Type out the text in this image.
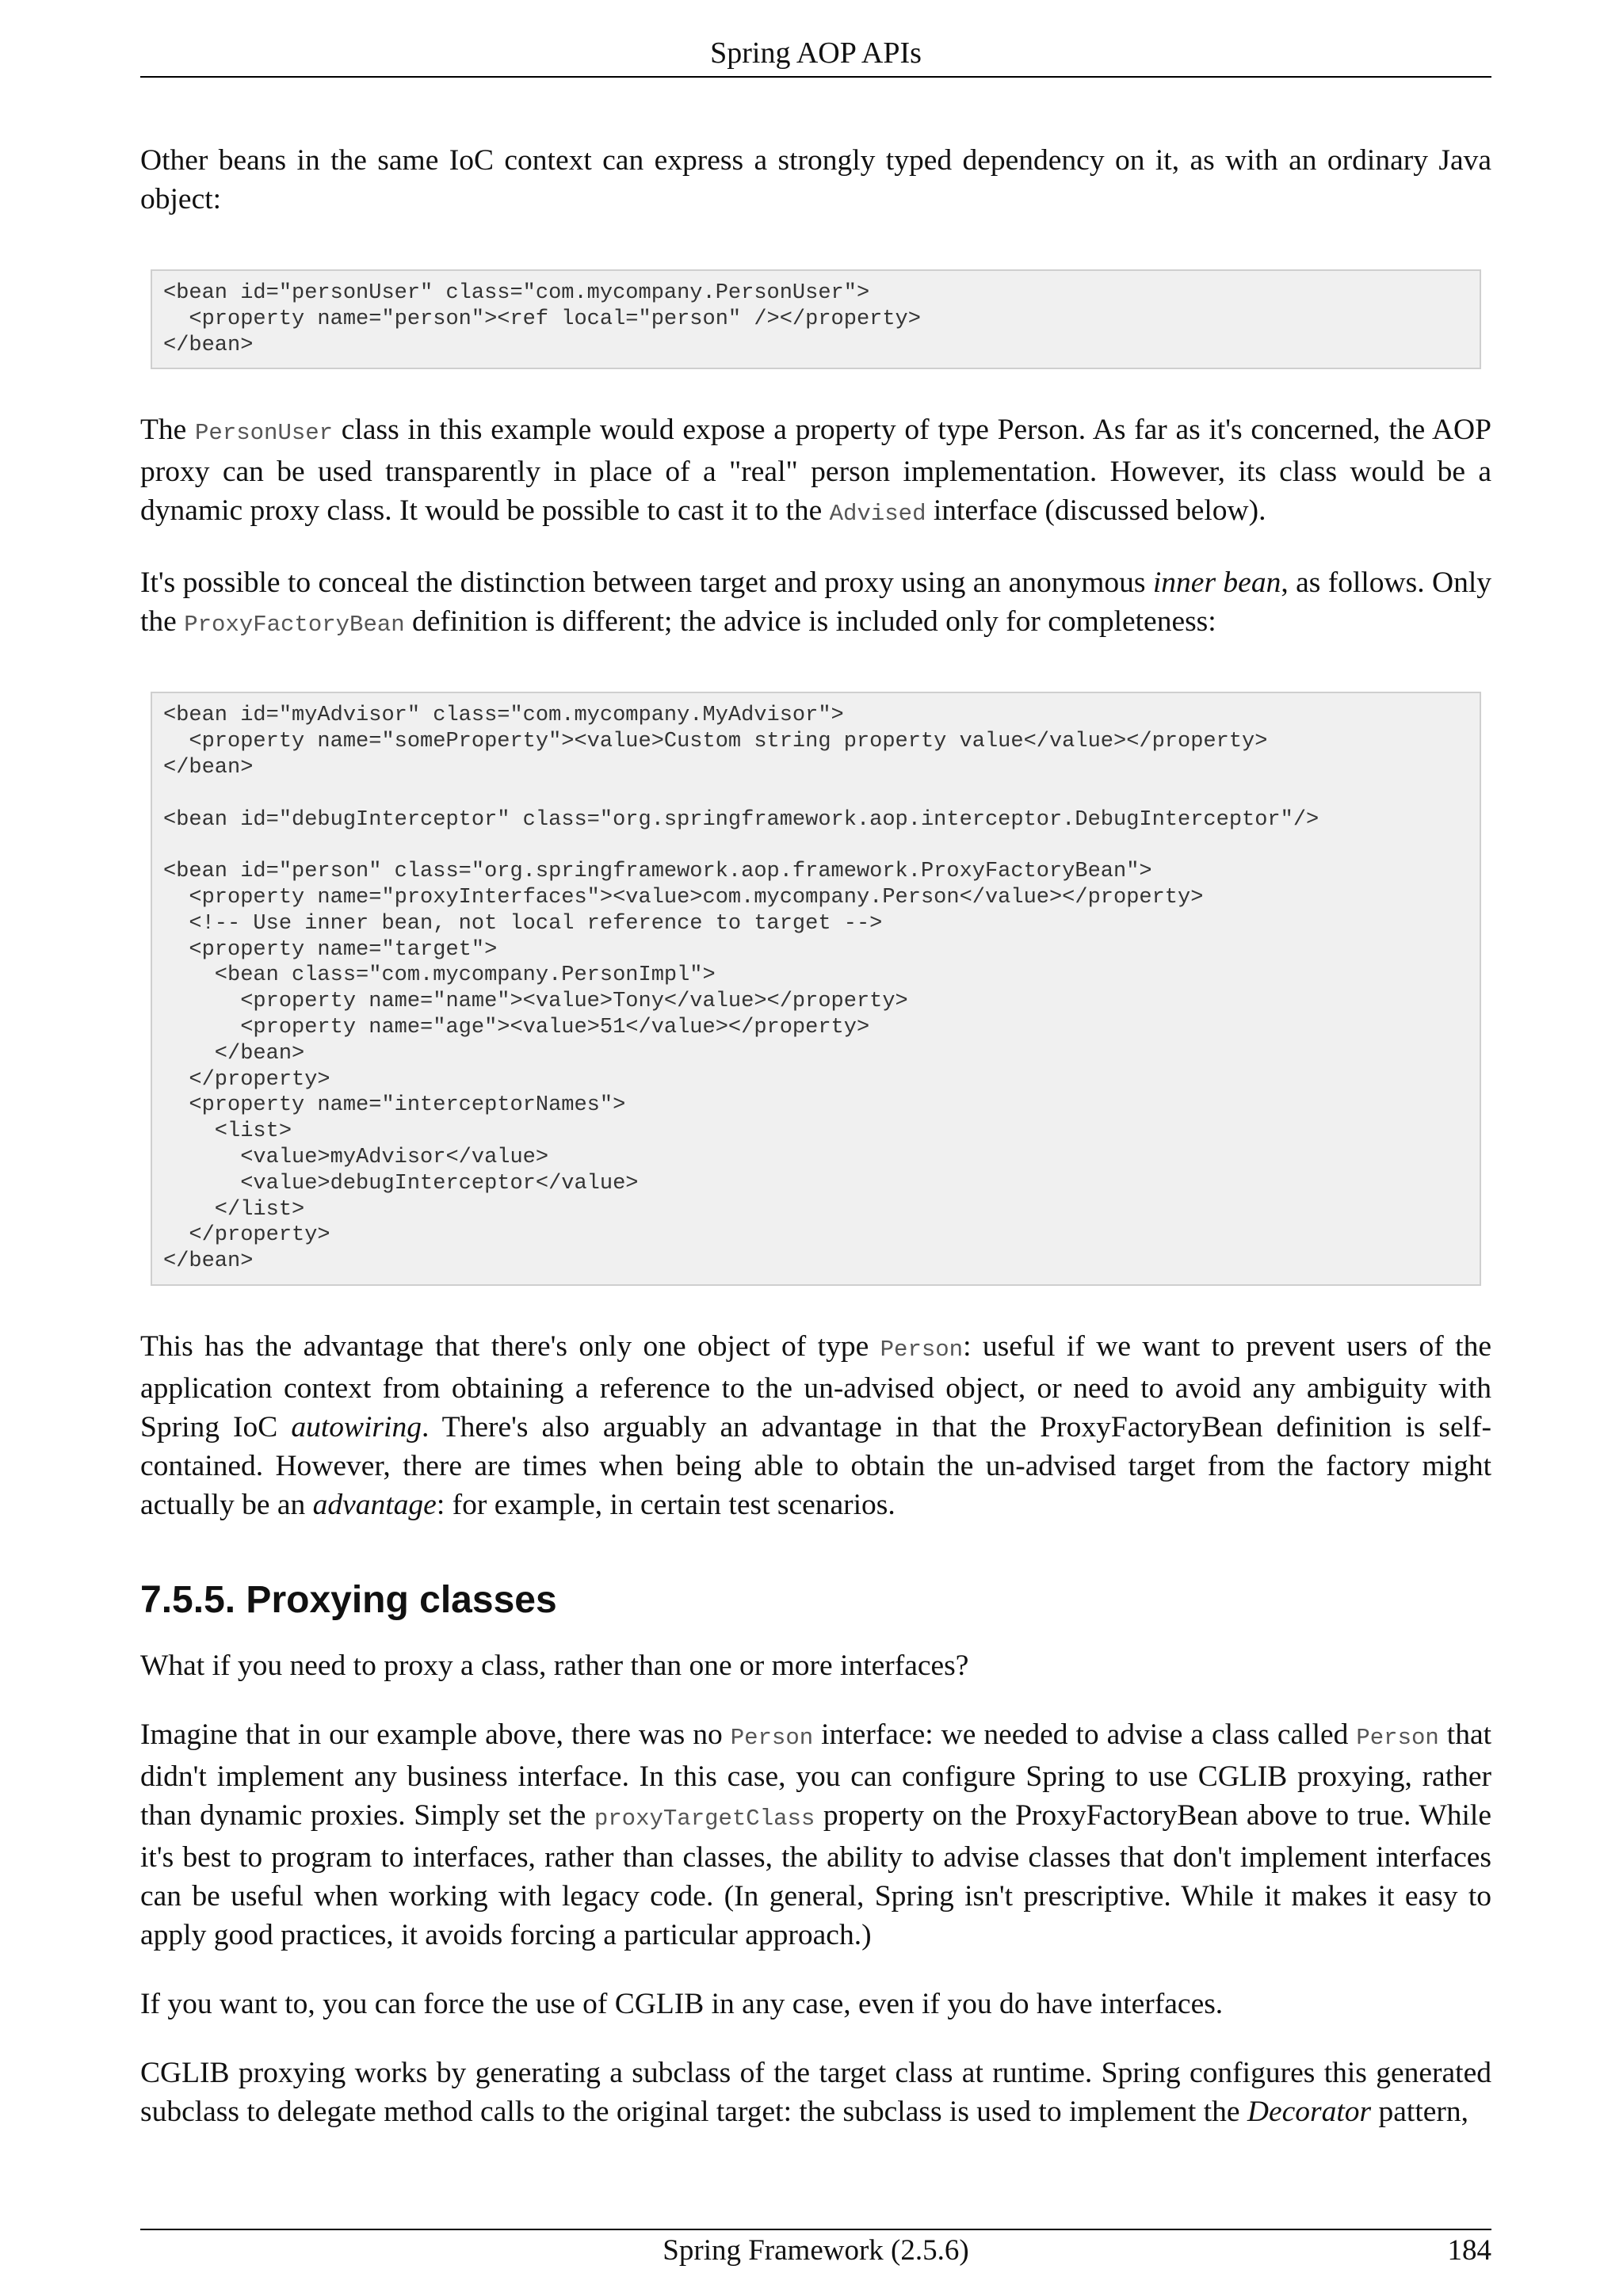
Spring AOP APIs

Other beans in the same IoC context can express a strongly typed dependency on it, as with an ordinary Java object:

<bean id="personUser" class="com.mycompany.PersonUser">
<property name="person"><ref local="person" /></property>
</bean>

The PersonUser class in this example would expose a property of type Person. As far as it's concerned, the AOP proxy can be used transparently in place of a "real" person implementation. However, its class would be a dynamic proxy class. It would be possible to cast it to the Advised interface (discussed below).

It's possible to conceal the distinction between target and proxy using an anonymous inner bean, as follows. Only the ProxyFactoryBean definition is different; the advice is included only for completeness:

<bean id="myAdvisor" class="com.mycompany.MyAdvisor">
<property name="someProperty"><value>Custom string property value</value></property>
</bean>

<bean id="debugInterceptor" class="org.springframework.aop.interceptor.DebugInterceptor"/>

<bean id="person" class="org.springframework.aop.framework.ProxyFactoryBean">
<property name="proxyInterfaces"><value>com.mycompany.Person</value></property>
<!-- Use inner bean, not local reference to target -->
<property name="target">
<bean class="com.mycompany.PersonImpl">
<property name="name"><value>Tony</value></property>
<property name="age"><value>51</value></property>
</bean>
</property>
<property name="interceptorNames">
<list>
<value>myAdvisor</value>
<value>debugInterceptor</value>
</list>
</property>
</bean>

This has the advantage that there's only one object of type Person: useful if we want to prevent users of the application context from obtaining a reference to the un-advised object, or need to avoid any ambiguity with Spring IoC autowiring. There's also arguably an advantage in that the ProxyFactoryBean definition is self-contained. However, there are times when being able to obtain the un-advised target from the factory might actually be an advantage: for example, in certain test scenarios.

7.5.5. Proxying classes

What if you need to proxy a class, rather than one or more interfaces?

Imagine that in our example above, there was no Person interface: we needed to advise a class called Person that didn't implement any business interface. In this case, you can configure Spring to use CGLIB proxying, rather than dynamic proxies. Simply set the proxyTargetClass property on the ProxyFactoryBean above to true. While it's best to program to interfaces, rather than classes, the ability to advise classes that don't implement interfaces can be useful when working with legacy code. (In general, Spring isn't prescriptive. While it makes it easy to apply good practices, it avoids forcing a particular approach.)

If you want to, you can force the use of CGLIB in any case, even if you do have interfaces.

CGLIB proxying works by generating a subclass of the target class at runtime. Spring configures this generated subclass to delegate method calls to the original target: the subclass is used to implement the Decorator pattern,

Spring Framework (2.5.6)	184
